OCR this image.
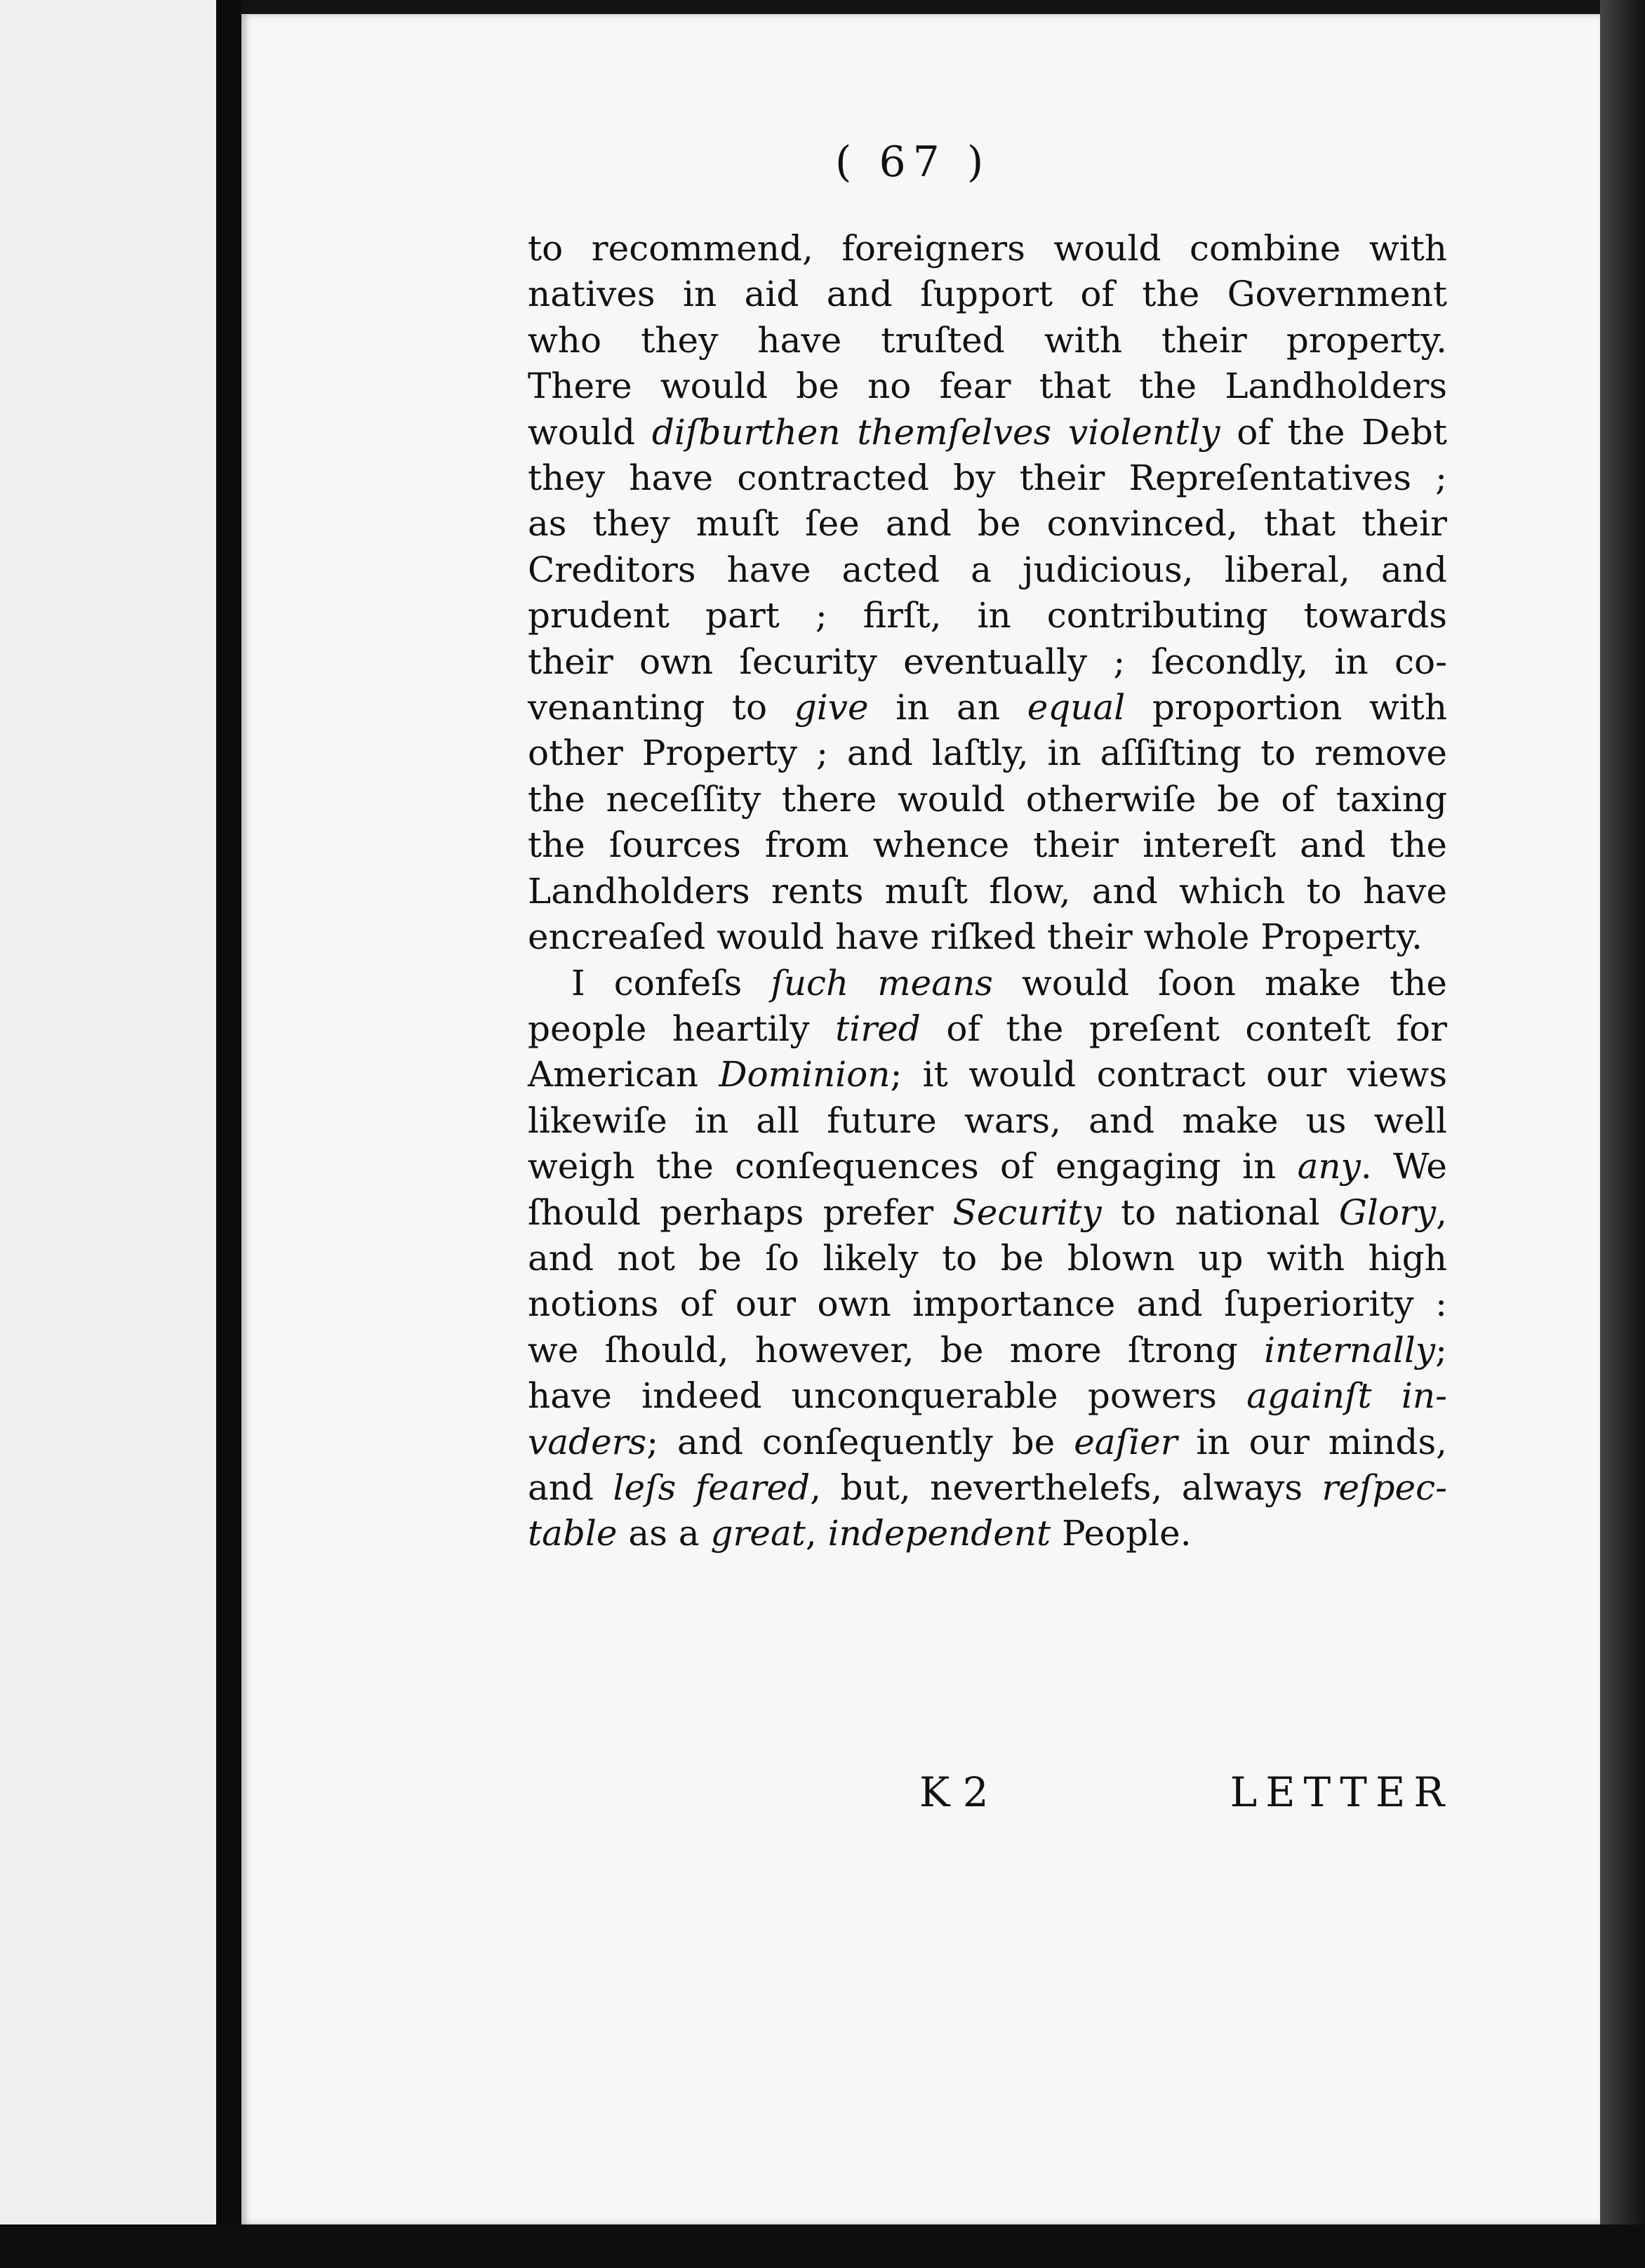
( 67 )
to recommend, foreigners would combine with
natives in aid and ſupport of the Government
who they have truſted with their property.
There would be no fear that the Landholders
would diſburthen themſelves violently of the Debt
they have contracted by their Repreſentatives ;
as they muſt ſee and be convinced, that their
Creditors have acted a judicious, liberal, and
prudent part ; firſt, in contributing towards
their own ſecurity eventually ; ſecondly, in co-
venanting to give in an equal proportion with
other Property ; and laſtly, in aſſiſting to remove
the neceſſity there would otherwiſe be of taxing
the ſources from whence their intereſt and the
Landholders rents muſt flow, and which to have
encreaſed would have riſked their whole Property.
I confeſs ſuch means would ſoon make the
people heartily tired of the preſent conteſt for
American Dominion; it would contract our views
likewiſe in all future wars, and make us well
weigh the conſequences of engaging in any. We
ſhould perhaps prefer Security to national Glory,
and not be ſo likely to be blown up with high
notions of our own importance and ſuperiority :
we ſhould, however, be more ſtrong internally;
have indeed unconquerable powers againſt in-
vaders; and conſequently be eaſier in our minds,
and leſs feared, but, neverthelefs, always reſpec-
table as a great, independent People.
K 2	LETTER
